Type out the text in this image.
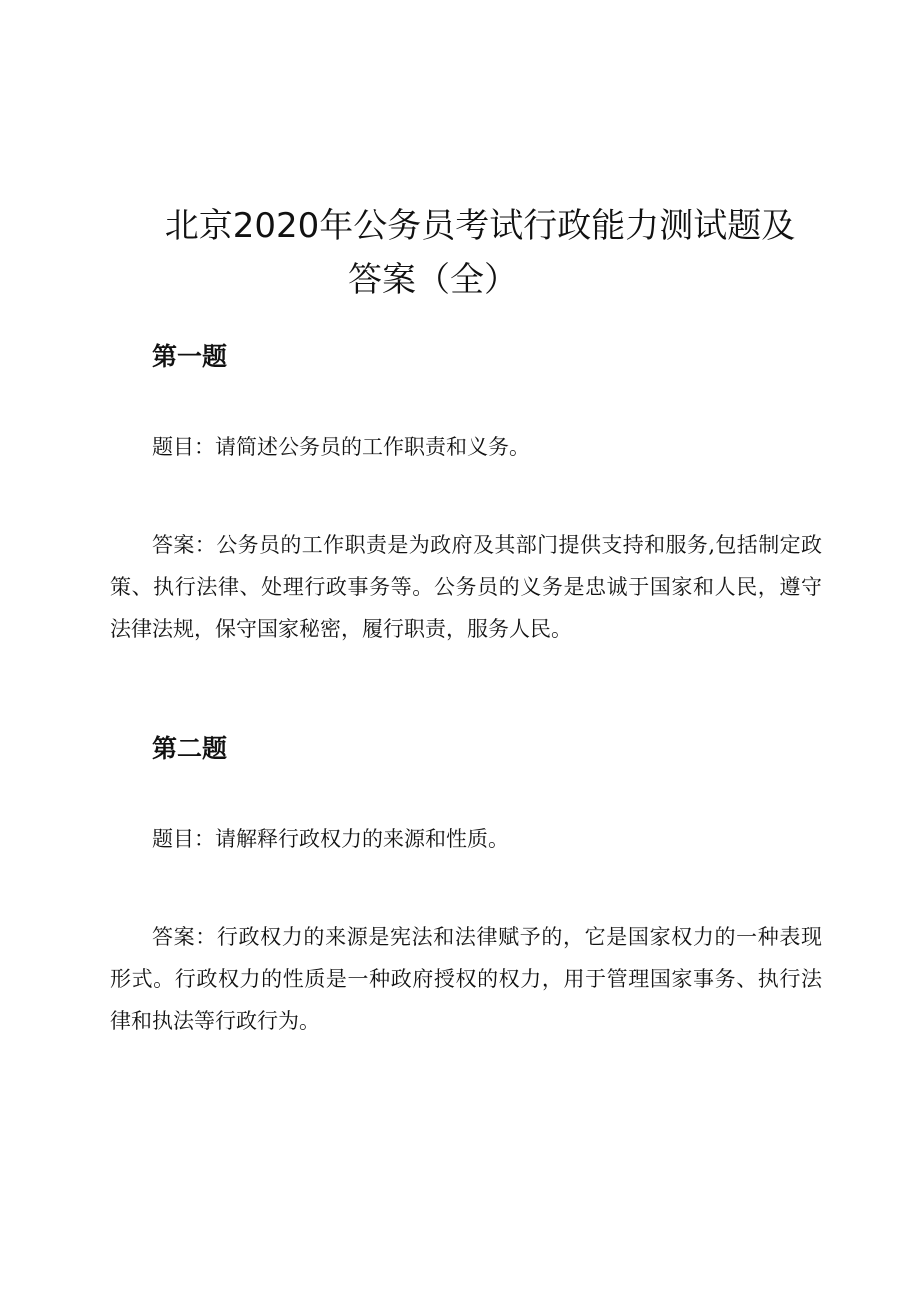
北京2020年公务员考试行政能力测试题及
答案（全）
第一题

题目：请简述公务员的工作职责和义务。

答案：公务员的工作职责是为政府及其部门提供支持和服务,包括制定政策、执行法律、处理行政事务等。公务员的义务是忠诚于国家和人民，遵守法律法规，保守国家秘密，履行职责，服务人民。

第二题

题目：请解释行政权力的来源和性质。

答案：行政权力的来源是宪法和法律赋予的，它是国家权力的一种表现形式。行政权力的性质是一种政府授权的权力，用于管理国家事务、执行法律和执法等行政行为。
